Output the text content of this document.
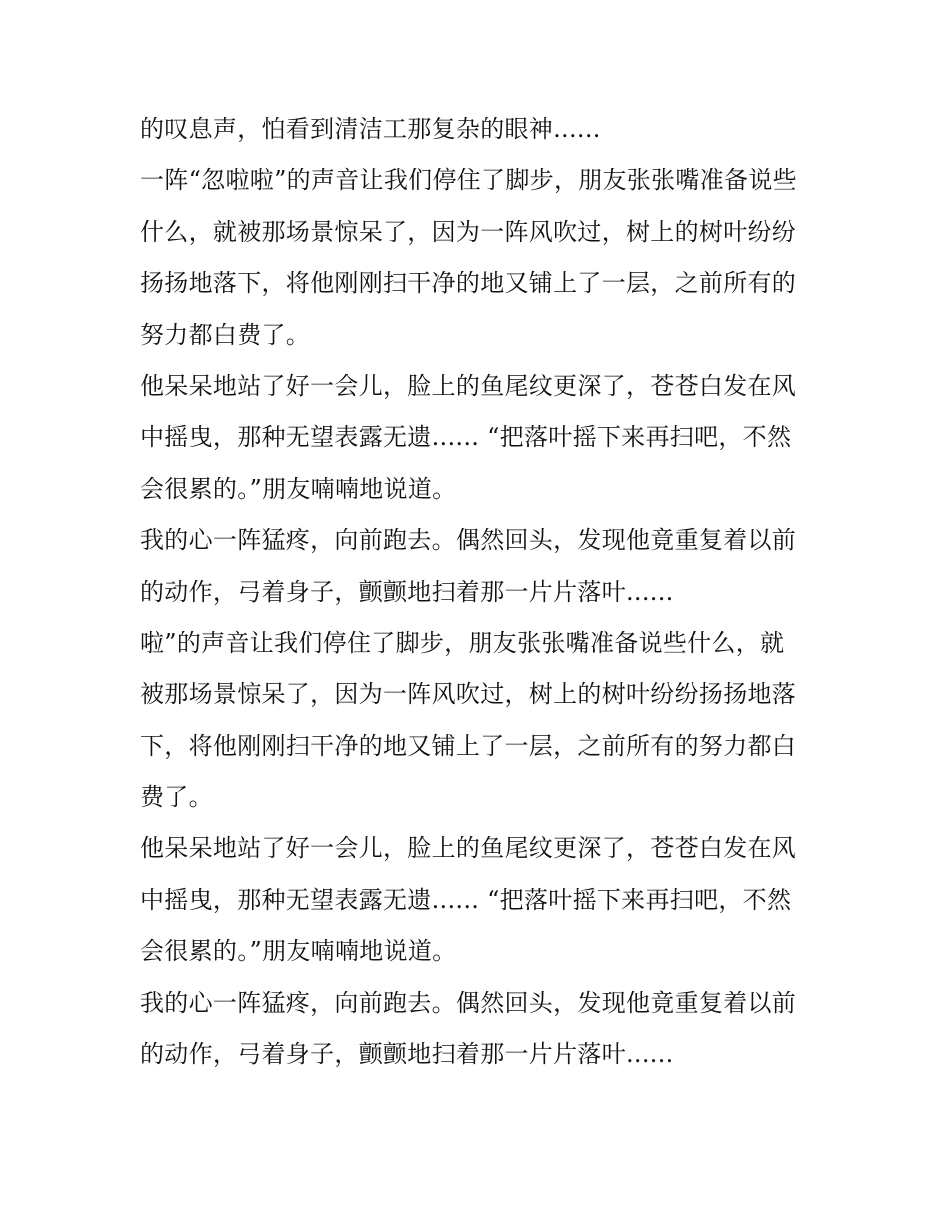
的叹息声，怕看到清洁工那复杂的眼神......
一阵“忽啦啦”的声音让我们停住了脚步，朋友张张嘴准备说些
什么，就被那场景惊呆了，因为一阵风吹过，树上的树叶纷纷
扬扬地落下，将他刚刚扫干净的地又铺上了一层，之前所有的
努力都白费了。
他呆呆地站了好一会儿，脸上的鱼尾纹更深了，苍苍白发在风
中摇曳，那种无望表露无遗...... “把落叶摇下来再扫吧，不然
会很累的。”朋友喃喃地说道。
我的心一阵猛疼，向前跑去。偶然回头，发现他竟重复着以前
的动作，弓着身子，颤颤地扫着那一片片落叶......
啦”的声音让我们停住了脚步，朋友张张嘴准备说些什么，就
被那场景惊呆了，因为一阵风吹过，树上的树叶纷纷扬扬地落
下，将他刚刚扫干净的地又铺上了一层，之前所有的努力都白
费了。
他呆呆地站了好一会儿，脸上的鱼尾纹更深了，苍苍白发在风
中摇曳，那种无望表露无遗...... “把落叶摇下来再扫吧，不然
会很累的。”朋友喃喃地说道。
我的心一阵猛疼，向前跑去。偶然回头，发现他竟重复着以前
的动作，弓着身子，颤颤地扫着那一片片落叶......
